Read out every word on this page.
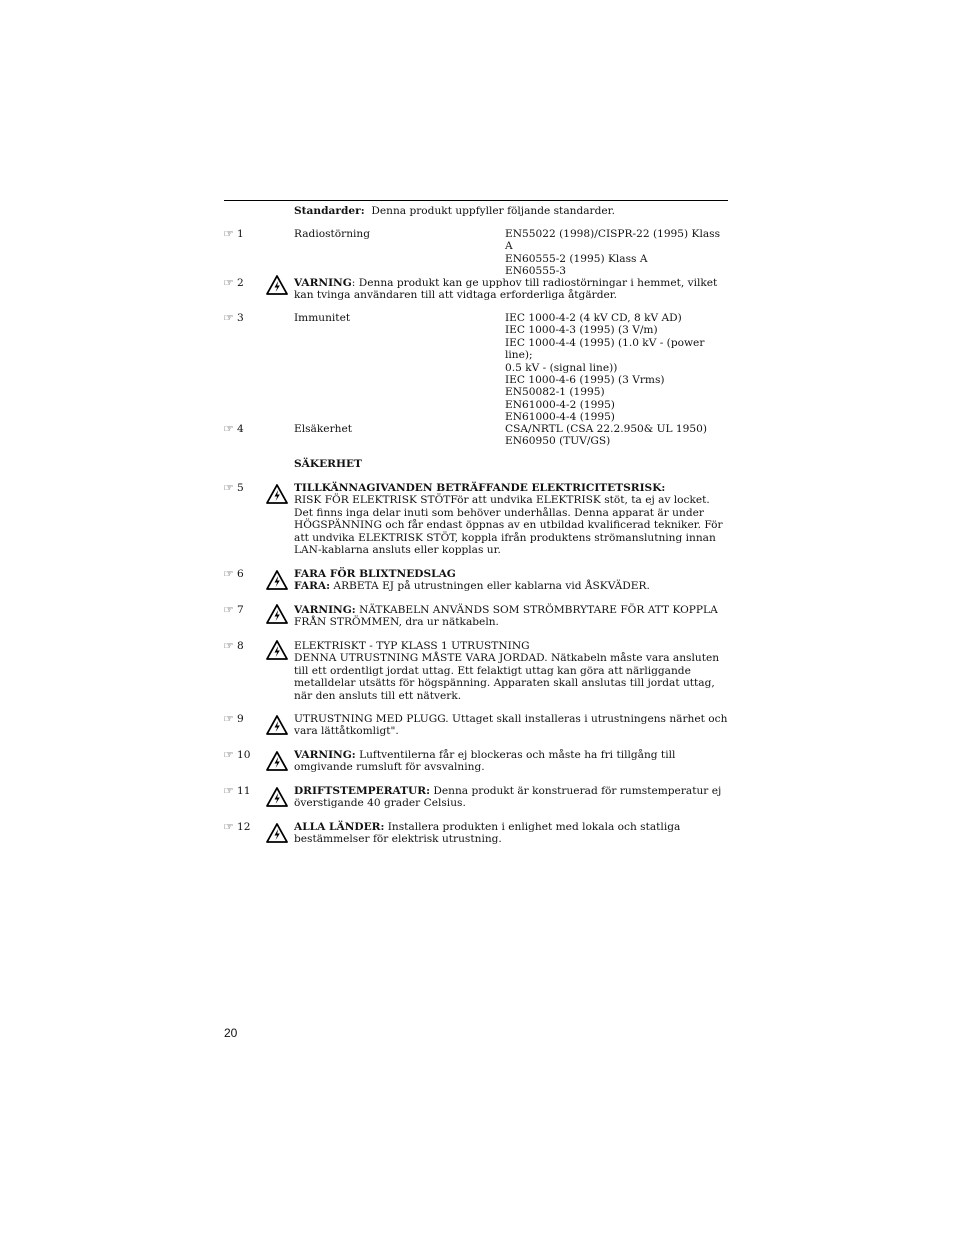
Standarder: Denna produkt uppfyller följande standarder.
☞ 1	Radiostörning	EN55022 (1998)/CISPR-22 (1995) Klass A
EN60555-2 (1995) Klass A
EN60555-3
☞ 2	VARNING: Denna produkt kan ge upphov till radiostörningar i hemmet, vilket kan tvinga användaren till att vidtaga erforderliga åtgärder.
☞ 3	Immunitet	IEC 1000-4-2 (4 kV CD, 8 kV AD)
IEC 1000-4-3 (1995) (3 V/m)
IEC 1000-4-4 (1995) (1.0 kV - (power line);
0.5 kV - (signal line))
IEC 1000-4-6 (1995) (3 Vrms)
EN50082-1 (1995)
EN61000-4-2 (1995)
EN61000-4-4 (1995)
☞ 4	Elsäkerhet	CSA/NRTL (CSA 22.2.950& UL 1950)
EN60950 (TUV/GS)
SÄKERHET
☞ 5	TILLKÄNNAGIVANDEN BETRÄFFANDE ELEKTRICITETSRISK:
RISK FÖR ELEKTRISK STÖTFör att undvika ELEKTRISK stöt, ta ej av locket. Det finns inga delar inuti som behöver underhållas. Denna apparat är under HÖGSPÄNNING och får endast öppnas av en utbildad kvalificerad tekniker. För att undvika ELEKTRISK STÖT, koppla ifrån produktens strömanslutning innan LAN-kablarna ansluts eller kopplas ur.
☞ 6	FARA FÖR BLIXTNEDSLAG
FARA: ARBETA EJ på utrustningen eller kablarna vid ÅSKVÄDER.
☞ 7	VARNING: NÄTKABELN ANVÄNDS SOM STRÖMBRYTARE FÖR ATT KOPPLA FRÅN STRÖMMEN, dra ur nätkabeln.
☞ 8	ELEKTRISKT - TYP KLASS 1 UTRUSTNING
DENNA UTRUSTNING MÅSTE VARA JORDAD. Nätkabeln måste vara ansluten till ett ordentligt jordat uttag. Ett felaktigt uttag kan göra att närliggande metalldelar utsätts för högspänning. Apparaten skall anslutas till jordat uttag, när den ansluts till ett nätverk.
☞ 9	UTRUSTNING MED PLUGG. Uttaget skall installeras i utrustningens närhet och vara lättåtkomligt".
☞ 10	VARNING: Luftventilerna får ej blockeras och måste ha fri tillgång till omgivande rumsluft för avsvalning.
☞ 11	DRIFTSTEMPERATUR: Denna produkt är konstruerad för rumstemperatur ej överstigande 40 grader Celsius.
☞ 12	ALLA LÄNDER: Installera produkten i enlighet med lokala och statliga bestämmelser för elektrisk utrustning.
20
